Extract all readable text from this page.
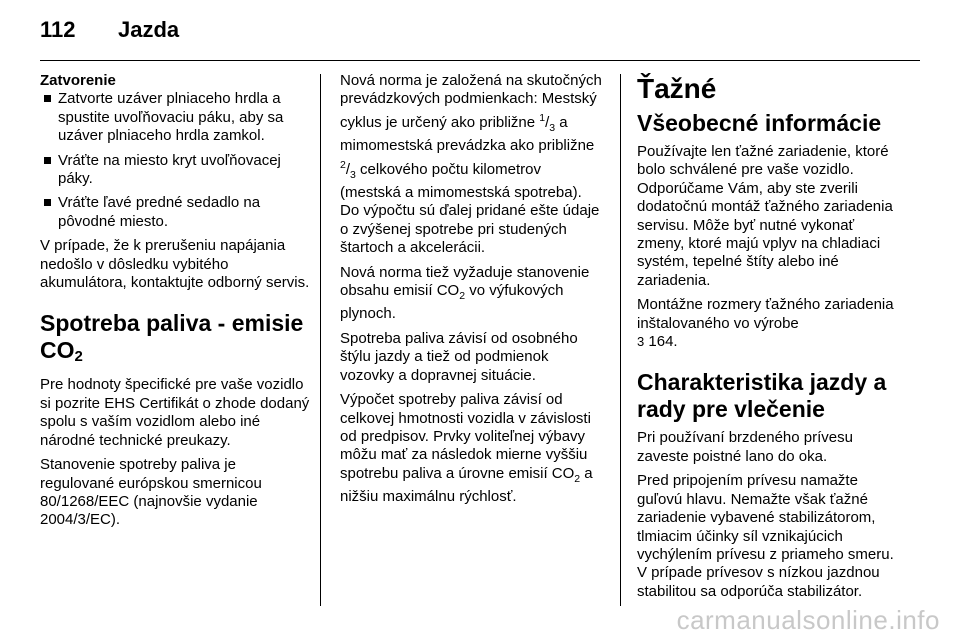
112 Jazda
Zatvorenie
Zatvorte uzáver plniaceho hrdla a spustite uvoľňovaciu páku, aby sa uzáver plniaceho hrdla zamkol.
Vráťte na miesto kryt uvoľňovacej páky.
Vráťte ľavé predné sedadlo na pôvodné miesto.

V prípade, že k prerušeniu napájania nedošlo v dôsledku vybitého akumulátora, kontaktujte odborný servis.

Spotreba paliva - emisie $CO_2$

Pre hodnoty špecifické pre vaše vozidlo si pozrite EHS Certifikát o zhode dodaný spolu s vaším vozidlom alebo iné národné technické preukazy.

Stanovenie spotreby paliva je regulované európskou smernicou 80/1268/EEC (najnovšie vydanie 2004/3/EC).

Nová norma je založená na skutočných prevádzkových podmienkach: Mestský cyklus je určený ako približne $^1/_3$ a mimomestská prevádzka ako približne $^2/_3$ celkového počtu kilometrov (mestská a mimomestská spotreba). Do výpočtu sú ďalej pridané ešte údaje o zvýšenej spotrebe pri studených štartoch a akcelerácii.

Nová norma tiež vyžaduje stanovenie obsahu emisií $CO_2$ vo výfukových plynoch.

Spotreba paliva závisí od osobného štýlu jazdy a tiež od podmienok vozovky a dopravnej situácie.

Výpočet spotreby paliva závisí od celkovej hmotnosti vozidla v závislosti od predpisov. Prvky voliteľnej výbavy môžu mať za následok mierne vyššiu spotrebu paliva a úrovne emisií $CO_2$ a nižšiu maximálnu rýchlosť.

Ťažné
Všeobecné informácie

Používajte len ťažné zariadenie, ktoré bolo schválené pre vaše vozidlo. Odporúčame Vám, aby ste zverili dodatočnú montáž ťažného zariadenia servisu. Môže byť nutné vykonať zmeny, ktoré majú vplyv na chladiaci systém, tepelné štíty alebo iné zariadenia.

Montážne rozmery ťažného zariadenia inštalovaného vo výrobe
3 164.

Charakteristika jazdy a rady pre vlečenie

Pri používaní brzdeného prívesu zaveste poistné lano do oka.

Pred pripojením prívesu namažte guľovú hlavu. Nemažte však ťažné zariadenie vybavené stabilizátorom, tlmiacim účinky síl vznikajúcich vychýlením prívesu z priameho smeru. V prípade prívesov s nízkou jazdnou stabilitou sa odporúča stabilizátor.

carmanualsonline.info
